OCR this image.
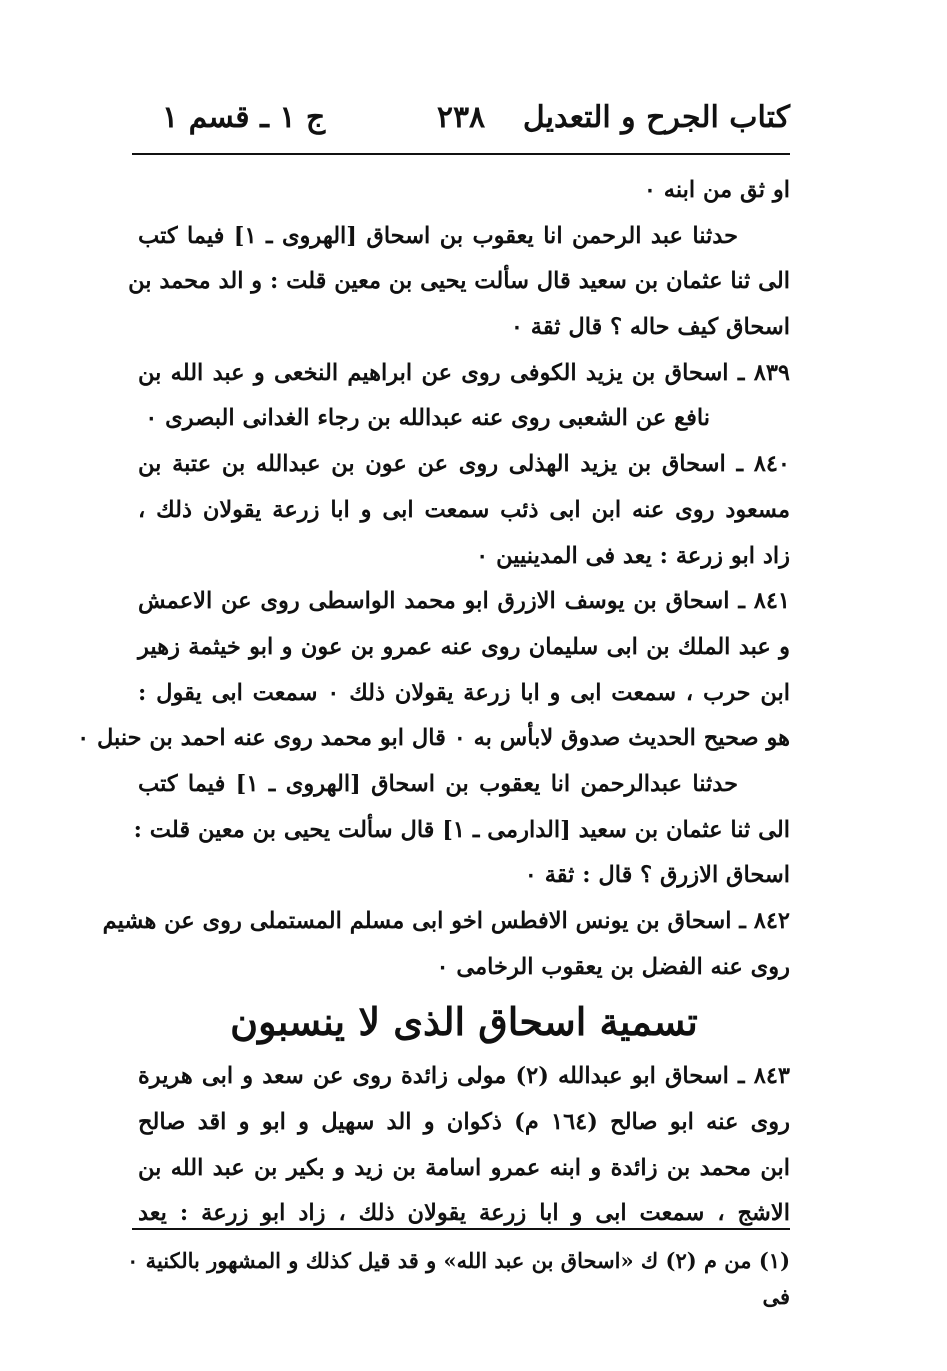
كتاب الجرح و التعديل
٢٣٨
ج ١ ـ قسم ١
او ثق من ابنه ٠
حدثنا عبد الرحمن انا يعقوب بن اسحاق [الهروى ـ ١] فيما كتب
الى ثنا عثمان بن سعيد قال سألت يحيى بن معين قلت : و الد محمد بن
اسحاق كيف حاله ؟ قال ثقة ٠
٨٣٩ ـ اسحاق بن يزيد الكوفى روى عن ابراهيم النخعى و عبد الله بن
نافع عن الشعبى روى عنه عبدالله بن رجاء الغدانى البصرى ٠
٨٤٠ ـ اسحاق بن يزيد الهذلى روى عن عون بن عبدالله بن عتبة بن
مسعود روى عنه ابن ابى ذئب سمعت ابى و ابا زرعة يقولان ذلك ،
زاد ابو زرعة : يعد فى المدينيين ٠
٨٤١ ـ اسحاق بن يوسف الازرق ابو محمد الواسطى روى عن الاعمش
و عبد الملك بن ابى سليمان روى عنه عمرو بن عون و ابو خيثمة زهير
ابن حرب ، سمعت ابى و ابا زرعة يقولان ذلك ٠ سمعت ابى يقول :
هو صحيح الحديث صدوق لابأس به ٠ قال ابو محمد روى عنه احمد بن حنبل ٠
حدثنا عبدالرحمن انا يعقوب بن اسحاق [الهروى ـ ١] فيما كتب
الى ثنا عثمان بن سعيد [الدارمى ـ ١] قال سألت يحيى بن معين قلت :
اسحاق الازرق ؟ قال : ثقة ٠
٨٤٢ ـ اسحاق بن يونس الافطس اخو ابى مسلم المستملى روى عن هشيم
روى عنه الفضل بن يعقوب الرخامى ٠
تسمية اسحاق الذى لا ينسبون
٨٤٣ ـ اسحاق ابو عبدالله (٢) مولى زائدة روى عن سعد و ابى هريرة
روى عنه ابو صالح (١٦٤ م) ذكوان و الد سهيل و ابو و اقد صالح
ابن محمد بن زائدة و ابنه عمرو اسامة بن زيد و بكير بن عبد الله بن
الاشج ، سمعت ابى و ابا زرعة يقولان ذلك ، زاد ابو زرعة : يعد
(١) من م (٢) ك «اسحاق بن عبد الله» و قد قيل كذلك و المشهور بالكنية ٠
فى
